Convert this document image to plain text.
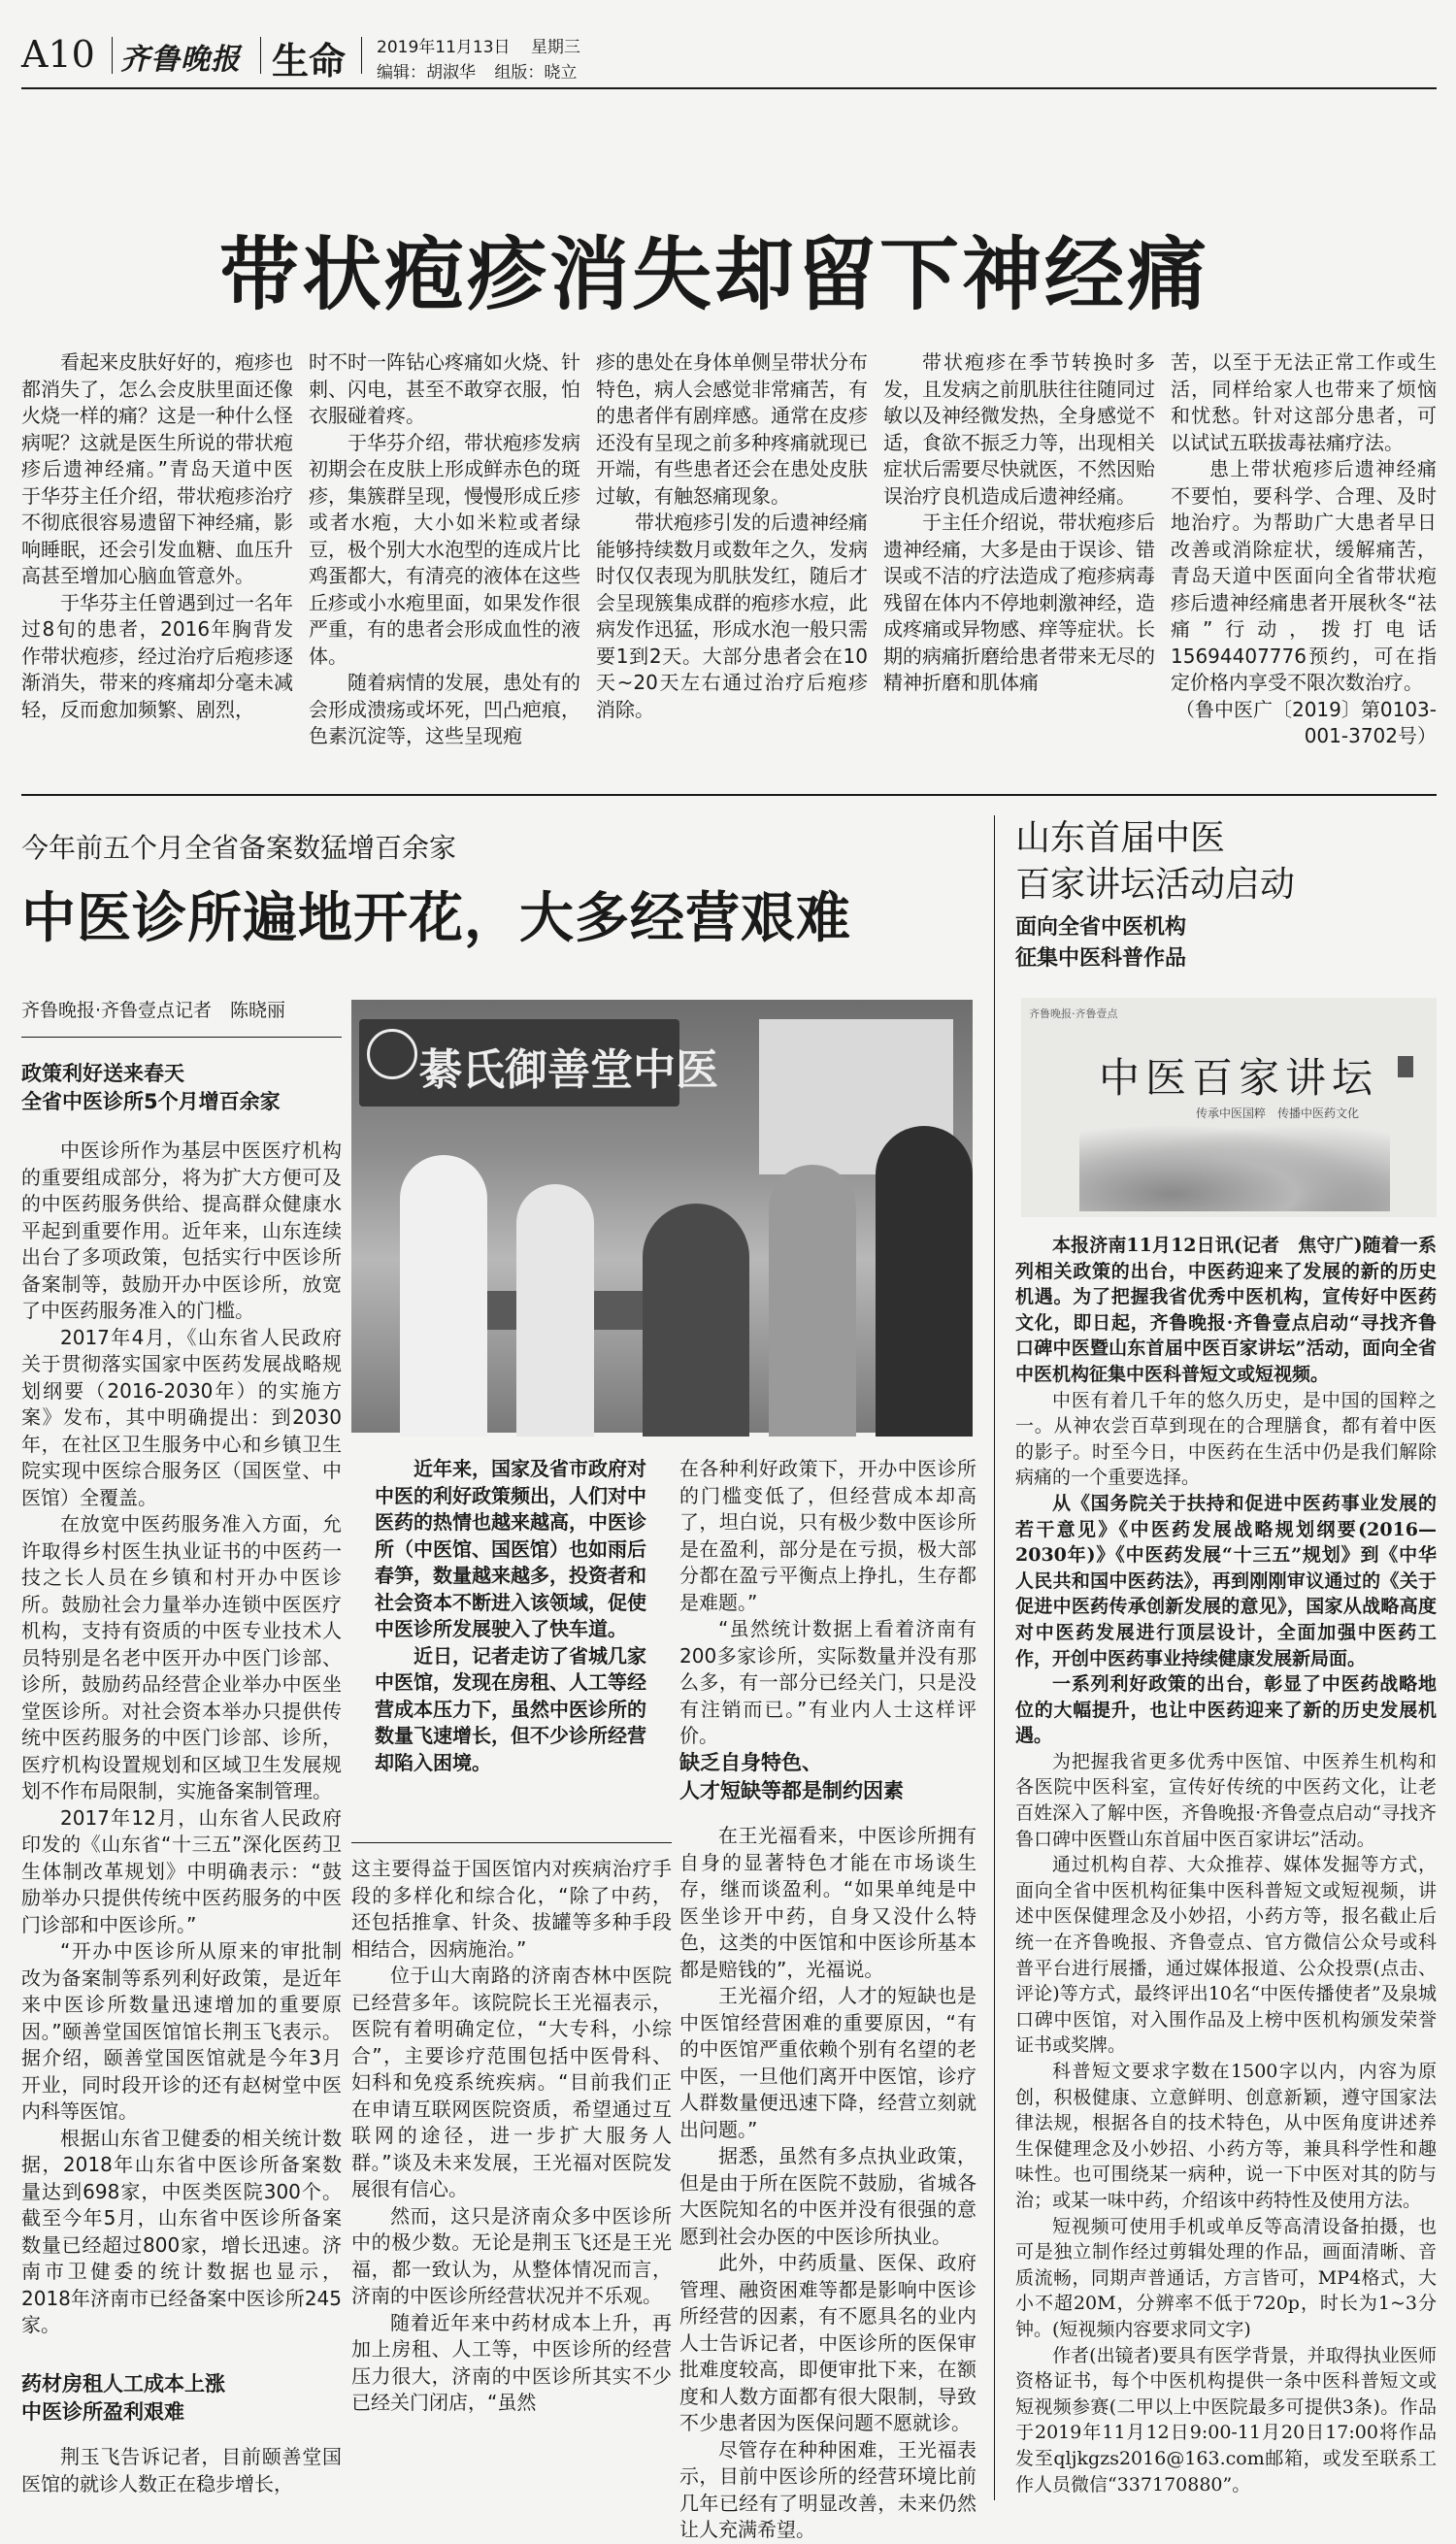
A10 齐鲁晚报 生命 2019年11月13日 星期三
编辑：胡淑华 组版：晓立
带状疱疹消失却留下神经痛

看起来皮肤好好的，疱疹也都消失了，怎么会皮肤里面还像火烧一样的痛？这是一种什么怪病呢？这就是医生所说的带状疱疹后遗神经痛。”青岛天道中医于华芬主任介绍，带状疱疹治疗不彻底很容易遗留下神经痛，影响睡眠，还会引发血糖、血压升高甚至增加心脑血管意外。

于华芬主任曾遇到过一名年过8旬的患者，2016年胸背发作带状疱疹，经过治疗后疱疹逐渐消失，带来的疼痛却分毫未减轻，反而愈加频繁、剧烈，

时不时一阵钻心疼痛如火烧、针刺、闪电，甚至不敢穿衣服，怕衣服碰着疼。

于华芬介绍，带状疱疹发病初期会在皮肤上形成鲜赤色的斑疹，集簇群呈现，慢慢形成丘疹或者水疱，大小如米粒或者绿豆，极个别大水泡型的连成片比鸡蛋都大，有清亮的液体在这些丘疹或小水疱里面，如果发作很严重，有的患者会形成血性的液体。

随着病情的发展，患处有的会形成溃疡或坏死，凹凸疤痕，色素沉淀等，这些呈现疱

疹的患处在身体单侧呈带状分布特色，病人会感觉非常痛苦，有的患者伴有剧痒感。通常在皮疹还没有呈现之前多种疼痛就现已开端，有些患者还会在患处皮肤过敏，有触怒痛现象。

带状疱疹引发的后遗神经痛能够持续数月或数年之久，发病时仅仅表现为肌肤发红，随后才会呈现簇集成群的疱疹水痘，此病发作迅猛，形成水泡一般只需要1到2天。大部分患者会在10天~20天左右通过治疗后疱疹消除。

带状疱疹在季节转换时多发，且发病之前肌肤往往随同过敏以及神经微发热，全身感觉不适，食欲不振乏力等，出现相关症状后需要尽快就医，不然因贻误治疗良机造成后遗神经痛。

于主任介绍说，带状疱疹后遗神经痛，大多是由于误诊、错误或不洁的疗法造成了疱疹病毒残留在体内不停地刺激神经，造成疼痛或异物感、痒等症状。长期的病痛折磨给患者带来无尽的精神折磨和肌体痛

苦，以至于无法正常工作或生活，同样给家人也带来了烦恼和忧愁。针对这部分患者，可以试试五联拔毒祛痛疗法。

患上带状疱疹后遗神经痛不要怕，要科学、合理、及时地治疗。为帮助广大患者早日改善或消除症状，缓解痛苦，青岛天道中医面向全省带状疱疹后遗神经痛患者开展秋冬“祛痛”行动，拨打电话15694407776预约，可在指定价格内享受不限次数治疗。

（鲁中医广〔2019〕第0103-001-3702号）

今年前五个月全省备案数猛增百余家
中医诊所遍地开花，大多经营艰难
齐鲁晚报·齐鲁壹点记者　陈晓丽
政策利好送来春天
全省中医诊所5个月增百余家

中医诊所作为基层中医医疗机构的重要组成部分，将为扩大方便可及的中医药服务供给、提高群众健康水平起到重要作用。近年来，山东连续出台了多项政策，包括实行中医诊所备案制等，鼓励开办中医诊所，放宽了中医药服务准入的门槛。

2017年4月，《山东省人民政府关于贯彻落实国家中医药发展战略规划纲要（2016-2030年）的实施方案》发布，其中明确提出：到2030年，在社区卫生服务中心和乡镇卫生院实现中医综合服务区（国医堂、中医馆）全覆盖。

在放宽中医药服务准入方面，允许取得乡村医生执业证书的中医药一技之长人员在乡镇和村开办中医诊所。鼓励社会力量举办连锁中医医疗机构，支持有资质的中医专业技术人员特别是名老中医开办中医门诊部、诊所，鼓励药品经营企业举办中医坐堂医诊所。对社会资本举办只提供传统中医药服务的中医门诊部、诊所，医疗机构设置规划和区域卫生发展规划不作布局限制，实施备案制管理。

2017年12月，山东省人民政府印发的《山东省“十三五”深化医药卫生体制改革规划》中明确表示：“鼓励举办只提供传统中医药服务的中医门诊部和中医诊所。”

“开办中医诊所从原来的审批制改为备案制等系列利好政策，是近年来中医诊所数量迅速增加的重要原因。”颐善堂国医馆馆长荆玉飞表示。据介绍，颐善堂国医馆就是今年3月开业，同时段开诊的还有赵树堂中医内科等医馆。

根据山东省卫健委的相关统计数据，2018年山东省中医诊所备案数量达到698家，中医类医院300个。截至今年5月，山东省中医诊所备案数量已经超过800家，增长迅速。济南市卫健委的统计数据也显示，2018年济南市已经备案中医诊所245家。

药材房租人工成本上涨
中医诊所盈利艰难

荆玉飞告诉记者，目前颐善堂国医馆的就诊人数正在稳步增长，

綦氏御善堂中医

近年来，国家及省市政府对中医的利好政策频出，人们对中医药的热情也越来越高，中医诊所（中医馆、国医馆）也如雨后春笋，数量越来越多，投资者和社会资本不断进入该领域，促使中医诊所发展驶入了快车道。

近日，记者走访了省城几家中医馆，发现在房租、人工等经营成本压力下，虽然中医诊所的数量飞速增长，但不少诊所经营却陷入困境。

这主要得益于国医馆内对疾病治疗手段的多样化和综合化，“除了中药，还包括推拿、针灸、拔罐等多种手段相结合，因病施治。”

位于山大南路的济南杏林中医院已经营多年。该院院长王光福表示，医院有着明确定位，“大专科，小综合”，主要诊疗范围包括中医骨科、妇科和免疫系统疾病。“目前我们正在申请互联网医院资质，希望通过互联网的途径，进一步扩大服务人群。”谈及未来发展，王光福对医院发展很有信心。

然而，这只是济南众多中医诊所中的极少数。无论是荆玉飞还是王光福，都一致认为，从整体情况而言，济南的中医诊所经营状况并不乐观。

随着近年来中药材成本上升，再加上房租、人工等，中医诊所的经营压力很大，济南的中医诊所其实不少已经关门闭店，“虽然

在各种利好政策下，开办中医诊所的门槛变低了，但经营成本却高了，坦白说，只有极少数中医诊所是在盈利，部分是在亏损，极大部分都在盈亏平衡点上挣扎，生存都是难题。”

“虽然统计数据上看着济南有200多家诊所，实际数量并没有那么多，有一部分已经关门，只是没有注销而已。”有业内人士这样评价。

缺乏自身特色、
人才短缺等都是制约因素

在王光福看来，中医诊所拥有自身的显著特色才能在市场谈生存，继而谈盈利。“如果单纯是中医坐诊开中药，自身又没什么特色，这类的中医馆和中医诊所基本都是赔钱的”，光福说。

王光福介绍，人才的短缺也是中医馆经营困难的重要原因，“有的中医馆严重依赖个别有名望的老中医，一旦他们离开中医馆，诊疗人群数量便迅速下降，经营立刻就出问题。”

据悉，虽然有多点执业政策，但是由于所在医院不鼓励，省城各大医院知名的中医并没有很强的意愿到社会办医的中医诊所执业。

此外，中药质量、医保、政府管理、融资困难等都是影响中医诊所经营的因素，有不愿具名的业内人士告诉记者，中医诊所的医保审批难度较高，即便审批下来，在额度和人数方面都有很大限制，导致不少患者因为医保问题不愿就诊。

尽管存在种种困难，王光福表示，目前中医诊所的经营环境比前几年已经有了明显改善，未来仍然让人充满希望。

山东首届中医
百家讲坛活动启动
面向全省中医机构
征集中医科普作品
齐鲁晚报·齐鲁壹点
中医百家讲坛
传承中医国粹　传播中医药文化

本报济南11月12日讯(记者　焦守广)随着一系列相关政策的出台，中医药迎来了发展的新的历史机遇。为了把握我省优秀中医机构，宣传好中医药文化，即日起，齐鲁晚报·齐鲁壹点启动“寻找齐鲁口碑中医暨山东首届中医百家讲坛”活动，面向全省中医机构征集中医科普短文或短视频。

中医有着几千年的悠久历史，是中国的国粹之一。从神农尝百草到现在的合理膳食，都有着中医的影子。时至今日，中医药在生活中仍是我们解除病痛的一个重要选择。

从《国务院关于扶持和促进中医药事业发展的若干意见》《中医药发展战略规划纲要(2016—2030年)》《中医药发展“十三五”规划》到《中华人民共和国中医药法》，再到刚刚审议通过的《关于促进中医药传承创新发展的意见》，国家从战略高度对中医药发展进行顶层设计，全面加强中医药工作，开创中医药事业持续健康发展新局面。

一系列利好政策的出台，彰显了中医药战略地位的大幅提升，也让中医药迎来了新的历史发展机遇。

为把握我省更多优秀中医馆、中医养生机构和各医院中医科室，宣传好传统的中医药文化，让老百姓深入了解中医，齐鲁晚报·齐鲁壹点启动“寻找齐鲁口碑中医暨山东首届中医百家讲坛”活动。

通过机构自荐、大众推荐、媒体发掘等方式，面向全省中医机构征集中医科普短文或短视频，讲述中医保健理念及小妙招，小药方等，报名截止后统一在齐鲁晚报、齐鲁壹点、官方微信公众号或科普平台进行展播，通过媒体报道、公众投票(点击、评论)等方式，最终评出10名“中医传播使者”及泉城口碑中医馆，对入围作品及上榜中医机构颁发荣誉证书或奖牌。

科普短文要求字数在1500字以内，内容为原创，积极健康、立意鲜明、创意新颖，遵守国家法律法规，根据各自的技术特色，从中医角度讲述养生保健理念及小妙招、小药方等，兼具科学性和趣味性。也可围绕某一病种，说一下中医对其的防与治；或某一味中药，介绍该中药特性及使用方法。

短视频可使用手机或单反等高清设备拍摄，也可是独立制作经过剪辑处理的作品，画面清晰、音质流畅，同期声普通话，方言皆可，MP4格式，大小不超20M，分辨率不低于720p，时长为1~3分钟。(短视频内容要求同文字)

作者(出镜者)要具有医学背景，并取得执业医师资格证书，每个中医机构提供一条中医科普短文或短视频参赛(二甲以上中医院最多可提供3条)。作品于2019年11月12日9:00-11月20日17:00将作品发至qljkgzs2016@163.com邮箱，或发至联系工作人员微信“337170880”。
